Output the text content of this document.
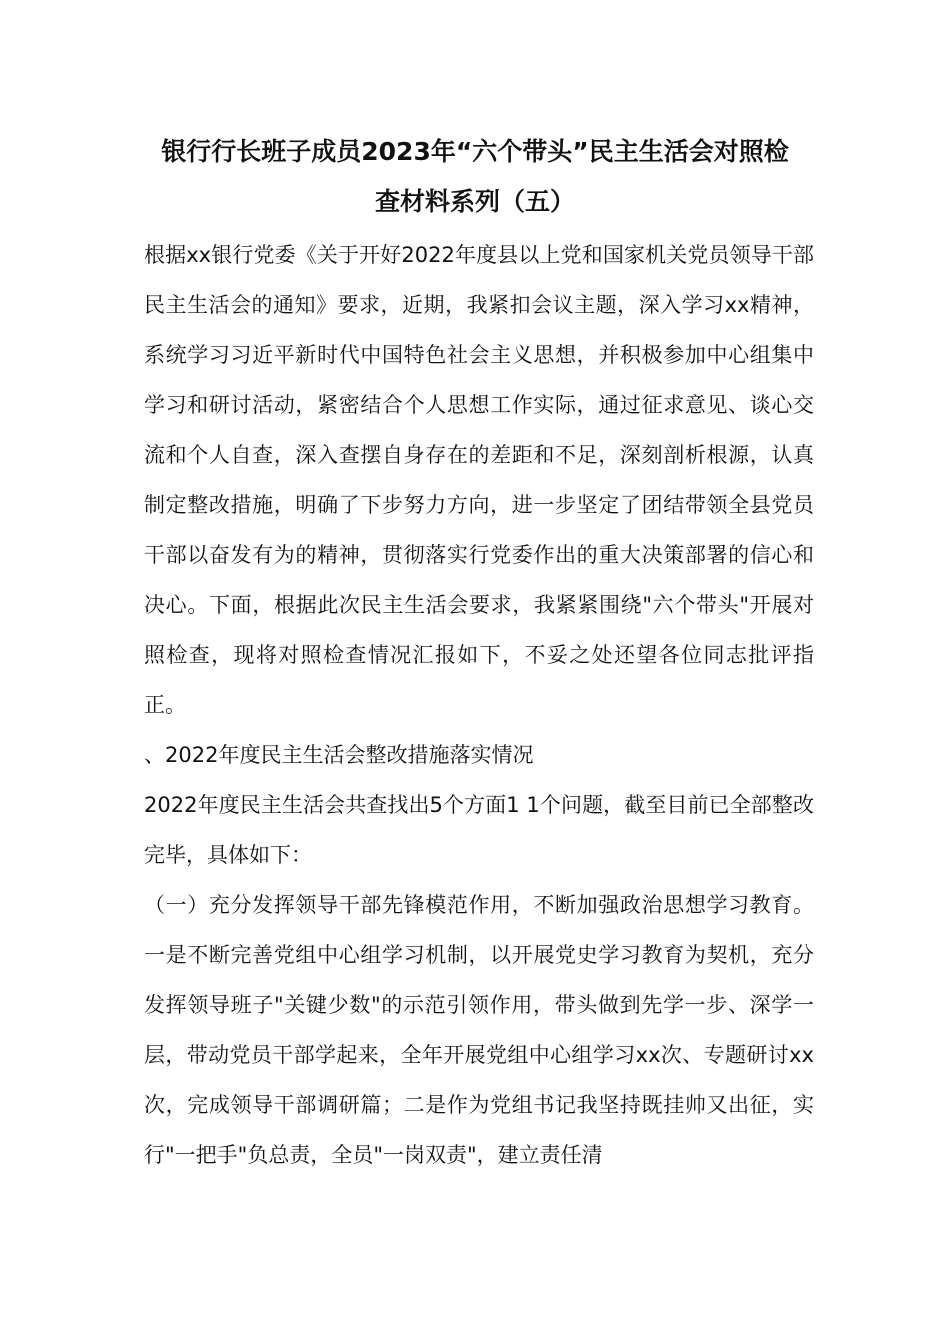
银行行长班子成员2023年“六个带头”民主生活会对照检
查材料系列（五）

根据xx银行党委《关于开好2022年度县以上党和国家机关党员领导干部民主生活会的通知》要求，近期，我紧扣会议主题，深入学习xx精神，系统学习习近平新时代中国特色社会主义思想，并积极参加中心组集中学习和研讨活动，紧密结合个人思想工作实际，通过征求意见、谈心交流和个人自查，深入查摆自身存在的差距和不足，深刻剖析根源，认真制定整改措施，明确了下步努力方向，进一步坚定了团结带领全县党员干部以奋发有为的精神，贯彻落实行党委作出的重大决策部署的信心和决心。下面，根据此次民主生活会要求，我紧紧围绕"六个带头"开展对照检查，现将对照检查情况汇报如下，不妥之处还望各位同志批评指正。

、2022年度民主生活会整改措施落实情况

2022年度民主生活会共查找出5个方面1 1个问题，截至目前已全部整改完毕，具体如下：

（一）充分发挥领导干部先锋模范作用，不断加强政治思想学习教育。一是不断完善党组中心组学习机制，以开展党史学习教育为契机，充分发挥领导班子"关键少数"的示范引领作用，带头做到先学一步、深学一层，带动党员干部学起来，全年开展党组中心组学习xx次、专题研讨xx次，完成领导干部调研篇；二是作为党组书记我坚持既挂帅又出征，实行"一把手"负总责，全员"一岗双责"，建立责任清
